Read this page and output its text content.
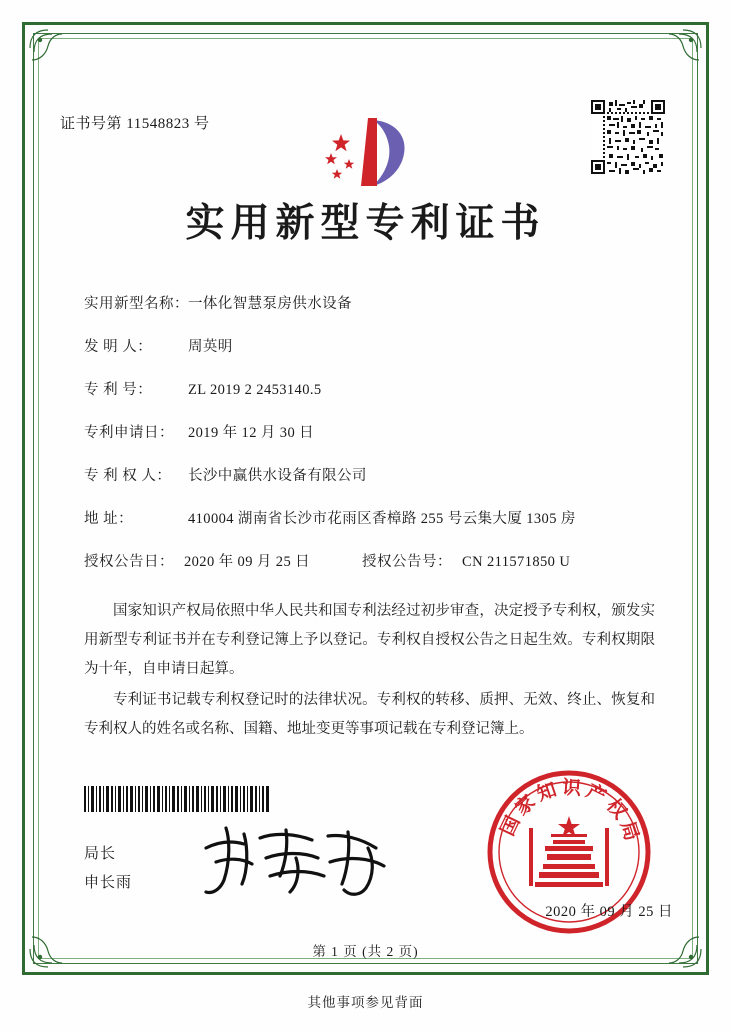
证书号第 11548823 号
实用新型专利证书
实用新型名称： 一体化智慧泵房供水设备
发 明 人：	周英明
专 利 号：	ZL 2019 2 2453140.5
专利申请日： 2019 年 12 月 30 日
专 利 权 人：	长沙中赢供水设备有限公司
地 址：	410004 湖南省长沙市花雨区香樟路 255 号云集大厦 1305 房
授权公告日： 2020 年 09 月 25 日	授权公告号： CN 211571850 U

国家知识产权局依照中华人民共和国专利法经过初步审查，决定授予专利权，颁发实用新型专利证书并在专利登记簿上予以登记。专利权自授权公告之日起生效。专利权期限为十年，自申请日起算。

专利证书记载专利权登记时的法律状况。专利权的转移、质押、无效、终止、恢复和专利权人的姓名或名称、国籍、地址变更等事项记载在专利登记簿上。

局长
申长雨
国家知识产权局
2020 年 09 月 25 日
第 1 页 (共 2 页)
其他事项参见背面
